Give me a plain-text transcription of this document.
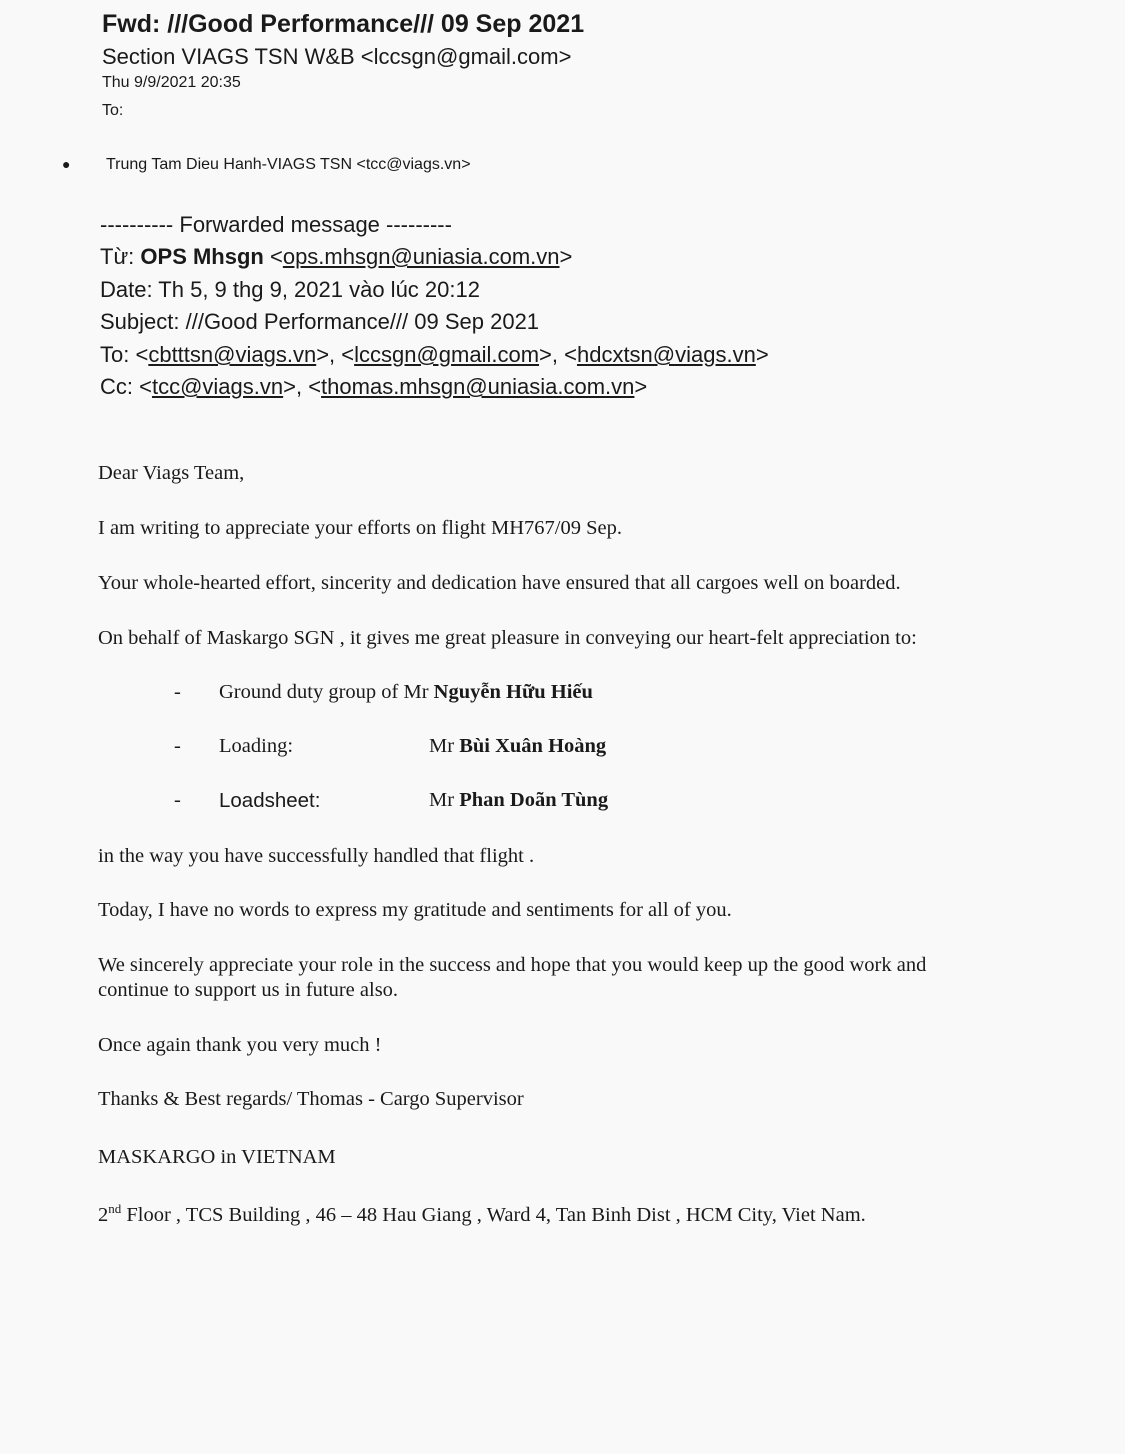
Fwd: ///Good Performance/// 09 Sep 2021
Section VIAGS TSN W&B <lccsgn@gmail.com>
Thu 9/9/2021 20:35
To:
● Trung Tam Dieu Hanh-VIAGS TSN <tcc@viags.vn>
---------- Forwarded message ---------
Từ: OPS Mhsgn <ops.mhsgn@uniasia.com.vn>
Date: Th 5, 9 thg 9, 2021 vào lúc 20:12
Subject: ///Good Performance/// 09 Sep 2021
To: <cbtttsn@viags.vn>, <lccsgn@gmail.com>, <hdcxtsn@viags.vn>
Cc: <tcc@viags.vn>, <thomas.mhsgn@uniasia.com.vn>
Dear Viags Team,
I am writing to appreciate your efforts on flight MH767/09 Sep.
Your whole-hearted effort, sincerity and dedication have ensured that all cargoes well on boarded.
On behalf of Maskargo SGN , it gives me great pleasure in conveying our heart-felt appreciation to:
- Ground duty group of Mr Nguyễn Hữu Hiếu
- Loading:	Mr Bùi Xuân Hoàng
- Loadsheet:	Mr Phan Doãn Tùng
in the way you have successfully handled that flight .
Today, I have no words to express my gratitude and sentiments for all of you.
We sincerely appreciate your role in the success and hope that you would keep up the good work and
continue to support us in future also.
Once again thank you very much !
Thanks & Best regards/ Thomas - Cargo Supervisor
MASKARGO in VIETNAM
2nd Floor , TCS Building , 46 – 48 Hau Giang , Ward 4, Tan Binh Dist , HCM City, Viet Nam.
